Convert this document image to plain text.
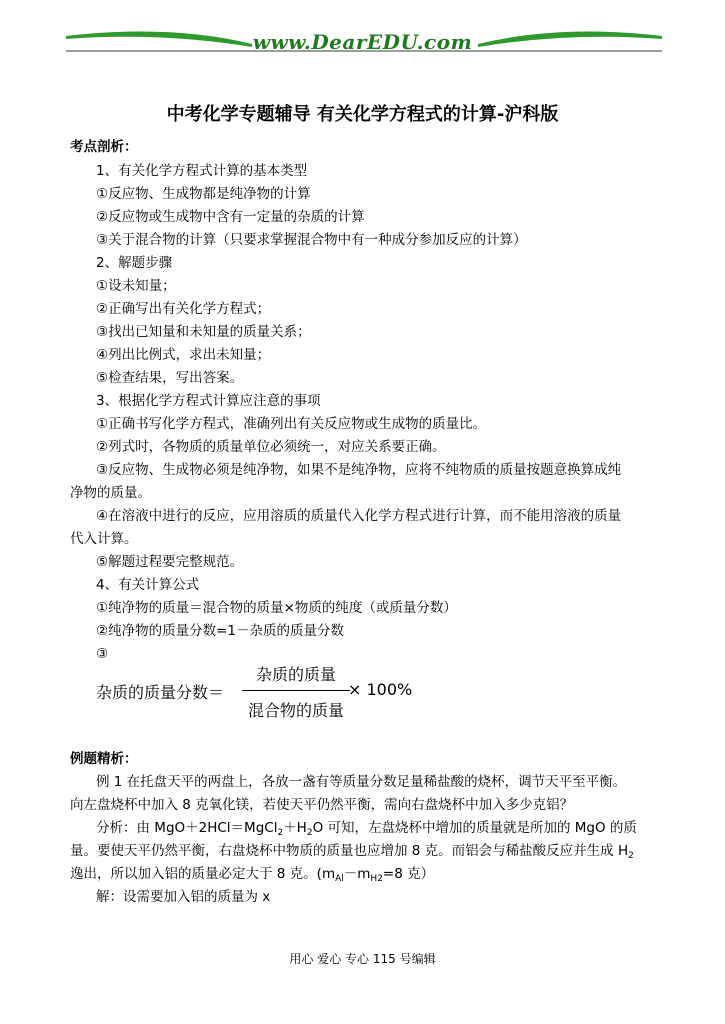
www.DearEDU.com
中考化学专题辅导 有关化学方程式的计算-沪科版
考点剖析：
1、有关化学方程式计算的基本类型
①反应物、生成物都是纯净物的计算
②反应物或生成物中含有一定量的杂质的计算
③关于混合物的计算（只要求掌握混合物中有一种成分参加反应的计算）
2、解题步骤
①设未知量；
②正确写出有关化学方程式；
③找出已知量和未知量的质量关系；
④列出比例式，求出未知量；
⑤检查结果，写出答案。
3、根据化学方程式计算应注意的事项
①正确书写化学方程式，准确列出有关反应物或生成物的质量比。
②列式时，各物质的质量单位必须统一，对应关系要正确。
③反应物、生成物必须是纯净物，如果不是纯净物，应将不纯物质的质量按题意换算成纯
净物的质量。
④在溶液中进行的反应，应用溶质的质量代入化学方程式进行计算，而不能用溶液的质量
代入计算。
⑤解题过程要完整规范。
4、有关计算公式
①纯净物的质量＝混合物的质量×物质的纯度（或质量分数）
②纯净物的质量分数=1－杂质的质量分数
③
杂质的质量分数＝
杂质的质量
混合物的质量
× 100%
例题精析：
例 1 在托盘天平的两盘上，各放一盏有等质量分数足量稀盐酸的烧杯，调节天平至平衡。
向左盘烧杯中加入 8 克氧化镁，若使天平仍然平衡，需向右盘烧杯中加入多少克铝？
分析：由 $MgO+2HCl=MgCl_2+H_2O$ 可知，左盘烧杯中增加的质量就是所加的 MgO 的质
量。要使天平仍然平衡，右盘烧杯中物质的质量也应增加 8 克。而铝会与稀盐酸反应并生成 $H_2$
逸出，所以加入铝的质量必定大于 8 克。($m_{Al}-m_{H2}=8$ 克）
解：设需要加入铝的质量为 x
用心 爱心 专心 115 号编辑
